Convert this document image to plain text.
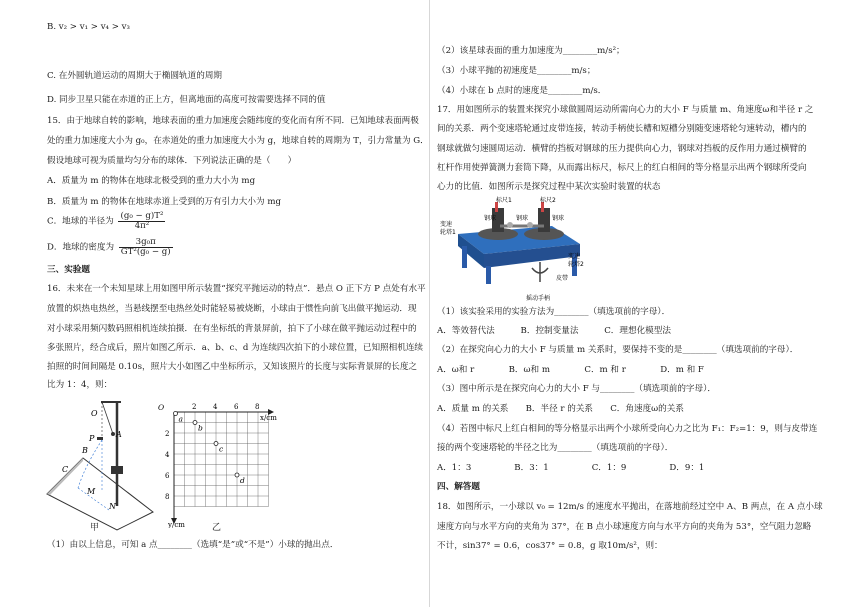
B. v₂ > v₁ > v₄ > v₃
C. 在外圆轨道运动的周期大于椭圆轨道的周期
D. 同步卫星只能在赤道的正上方，但离地面的高度可按需要选择不同的值
15．由于地球自转的影响，地球表面的重力加速度会随纬度的变化而有所不同．已知地球表面两极
处的重力加速度大小为 g₀，在赤道处的重力加速度大小为 g，地球自转的周期为 T，引力常量为 G．
假设地球可视为质量均匀分布的球体．下列说法正确的是（　　）
A．质量为 m 的物体在地球北极受到的重力大小为 mg
B．质量为 m 的物体在地球赤道上受到的万有引力大小为 mg
C．地球的半径为 $\frac{\text{(g₀ − g)T²}}{\text{4π²}}$
D．地球的密度为 $\frac{\text{3g₀π}}{\text{GT²(g₀ − g)}}$
三、实验题
16．未来在一个未知星球上用如图甲所示装置“探究平抛运动的特点”．悬点 O 正下方 P 点处有水平
放置的炽热电热丝，当悬线摆至电热丝处时能轻易被烧断，小球由于惯性向前飞出做平抛运动．现
对小球采用频闪数码照相机连续拍摄．在有坐标纸的背景屏前，拍下了小球在做平抛运动过程中的
多张照片，经合成后，照片如图乙所示．a、b、c、d 为连续四次拍下的小球位置，已知照相机连续
拍照的时间间隔是 0.10s，照片大小如图乙中坐标所示，又知该照片的长度与实际背景屏的长度之
比为 1：4，则：
（1）由以上信息，可知 a 点________（选填“是”或“不是”）小球的抛出点．
O
A
P
B
C
M
N
甲
O
x/cm
y/cm
2 4 6 8
2
4
6
8
a
b
c
d
乙
（2）该星球表面的重力加速度为________m/s²；
（3）小球平抛的初速度是________m/s；
（4）小球在 b 点时的速度是________m/s．
17．用如图所示的装置来探究小球做圆周运动所需向心力的大小 F 与质量 m、角速度ω和半径 r 之
间的关系．两个变速塔轮通过皮带连接，转动手柄使长槽和短槽分别随变速塔轮匀速转动，槽内的
钢球就做匀速圆周运动．横臂的挡板对钢球的压力提供向心力，钢球对挡板的反作用力通过横臂的
杠杆作用使弹簧测力套筒下降，从而露出标尺，标尺上的红白相间的等分格显示出两个钢球所受向
心力的比值．如图所示是探究过程中某次实验时装置的状态
（1）该实验采用的实验方法为________（填选项前的字母）．
A．等效替代法　　　B．控制变量法　　　C．理想化模型法
（2）在探究向心力的大小 F 与质量 m 关系时，要保持不变的是________（填选项前的字母）．
A．ω和 r　　　　B．ω和 m　　　　C．m 和 r　　　　D．m 和 F
（3）图中所示是在探究向心力的大小 F 与________（填选项前的字母）．
A．质量 m 的关系　　B．半径 r 的关系　　C．角速度ω的关系
（4）若图中标尺上红白相间的等分格显示出两个小球所受向心力之比为 F₁：F₂=1：9，则与皮带连
接的两个变速塔轮的半径之比为________（填选项前的字母）．
A．1：3　　　　　B．3：1　　　　　C．1：9　　　　　D．9：1
四、解答题
18．如图所示，一小球以 v₀ = 12m/s 的速度水平抛出，在落地前经过空中 A、B 两点，在 A 点小球
速度方向与水平方向的夹角为 37°，在 B 点小球速度方向与水平方向的夹角为 53°，空气阻力忽略
不计，sin37° = 0.6，cos37° = 0.8，g 取10m/s²，则：
标尺1	标尺2
钢球	钢球	钢球
变速 轮塔1
变速 轮塔2
皮带
摇动手柄
